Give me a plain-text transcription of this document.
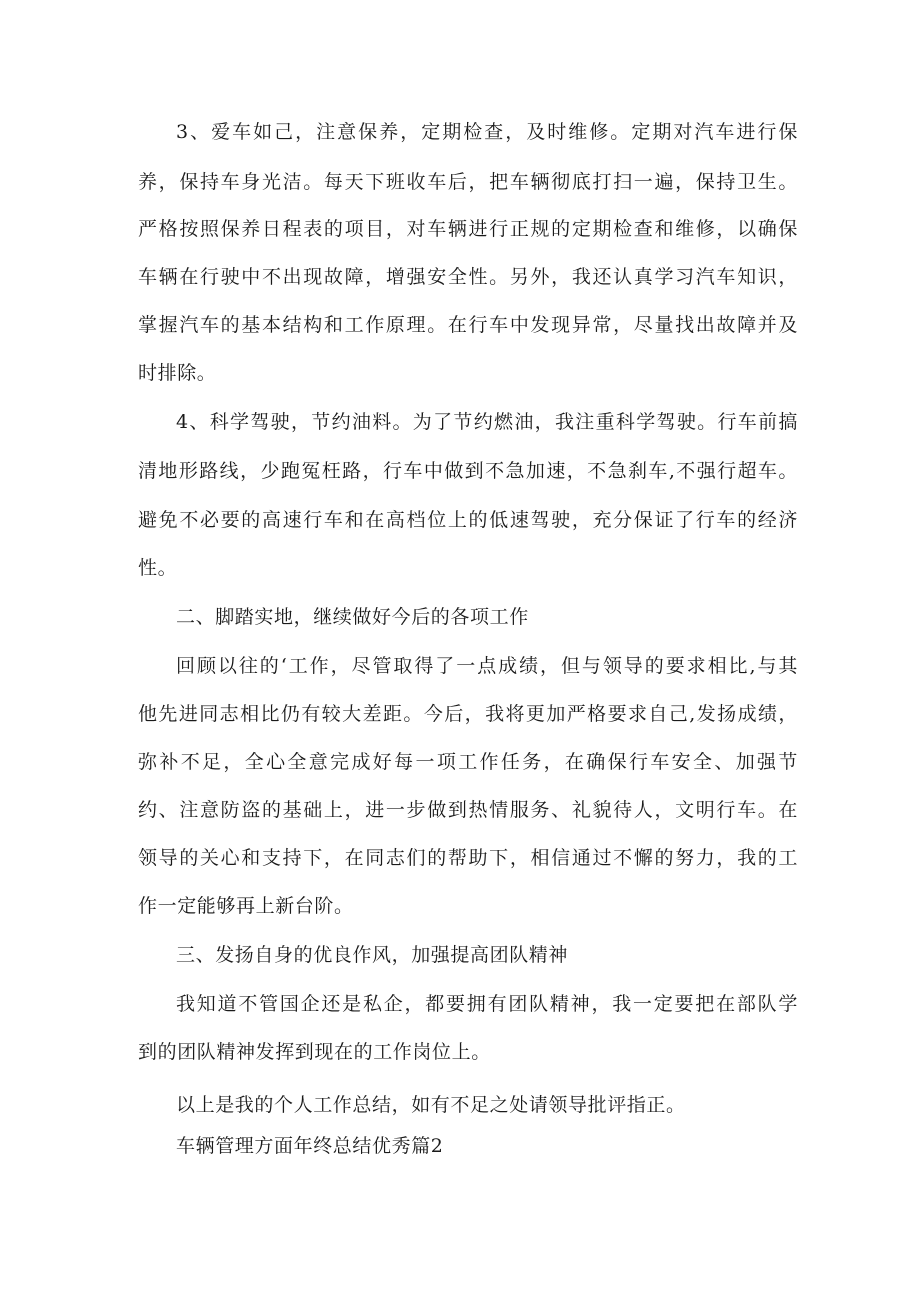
3、爱车如己，注意保养，定期检查，及时维修。定期对汽车进行保
养，保持车身光洁。每天下班收车后，把车辆彻底打扫一遍，保持卫生。
严格按照保养日程表的项目，对车辆进行正规的定期检查和维修，以确保
车辆在行驶中不出现故障，增强安全性。另外，我还认真学习汽车知识，
掌握汽车的基本结构和工作原理。在行车中发现异常，尽量找出故障并及
时排除。
4、科学驾驶，节约油料。为了节约燃油，我注重科学驾驶。行车前搞
清地形路线，少跑冤枉路，行车中做到不急加速，不急刹车,不强行超车。
避免不必要的高速行车和在高档位上的低速驾驶，充分保证了行车的经济
性。
二、脚踏实地，继续做好今后的各项工作
回顾以往的‘工作，尽管取得了一点成绩，但与领导的要求相比,与其
他先进同志相比仍有较大差距。今后，我将更加严格要求自己,发扬成绩，
弥补不足，全心全意完成好每一项工作任务，在确保行车安全、加强节
约、注意防盗的基础上，进一步做到热情服务、礼貌待人，文明行车。在
领导的关心和支持下，在同志们的帮助下，相信通过不懈的努力，我的工
作一定能够再上新台阶。
三、发扬自身的优良作风，加强提高团队精神
我知道不管国企还是私企，都要拥有团队精神，我一定要把在部队学
到的团队精神发挥到现在的工作岗位上。
以上是我的个人工作总结，如有不足之处请领导批评指正。
车辆管理方面年终总结优秀篇2
